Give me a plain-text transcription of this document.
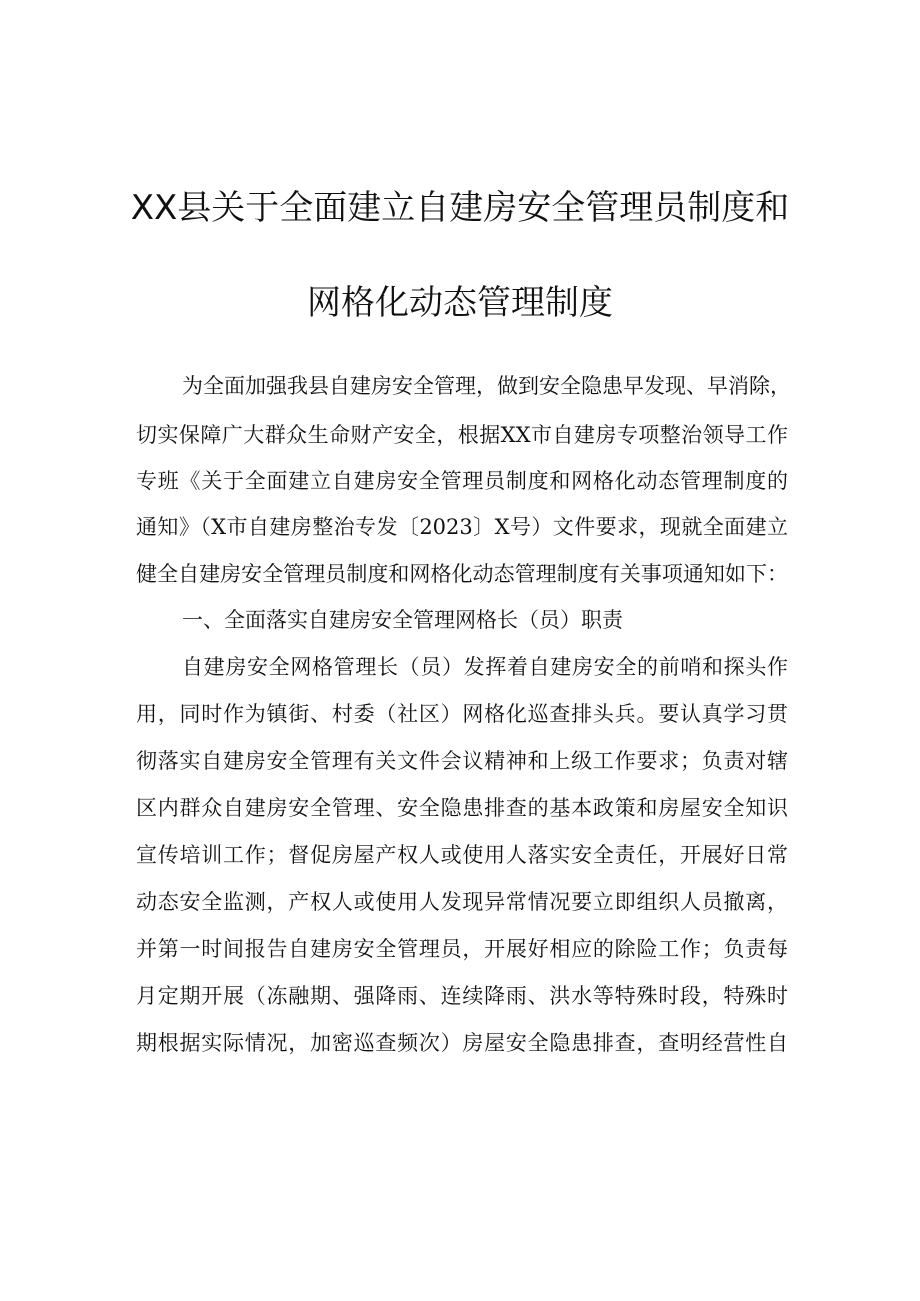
XX县关于全面建立自建房安全管理员制度和
网格化动态管理制度
为全面加强我县自建房安全管理，做到安全隐患早发现、早消除，
切实保障广大群众生命财产安全，根据XX市自建房专项整治领导工作
专班《关于全面建立自建房安全管理员制度和网格化动态管理制度的
通知》（X市自建房整治专发〔2023〕X号）文件要求，现就全面建立
健全自建房安全管理员制度和网格化动态管理制度有关事项通知如下：
一、全面落实自建房安全管理网格长（员）职责
自建房安全网格管理长（员）发挥着自建房安全的前哨和探头作
用，同时作为镇街、村委（社区）网格化巡查排头兵。要认真学习贯
彻落实自建房安全管理有关文件会议精神和上级工作要求；负责对辖
区内群众自建房安全管理、安全隐患排查的基本政策和房屋安全知识
宣传培训工作；督促房屋产权人或使用人落实安全责任，开展好日常
动态安全监测，产权人或使用人发现异常情况要立即组织人员撤离，
并第一时间报告自建房安全管理员，开展好相应的除险工作；负责每
月定期开展（冻融期、强降雨、连续降雨、洪水等特殊时段，特殊时
期根据实际情况，加密巡查频次）房屋安全隐患排查，查明经营性自
